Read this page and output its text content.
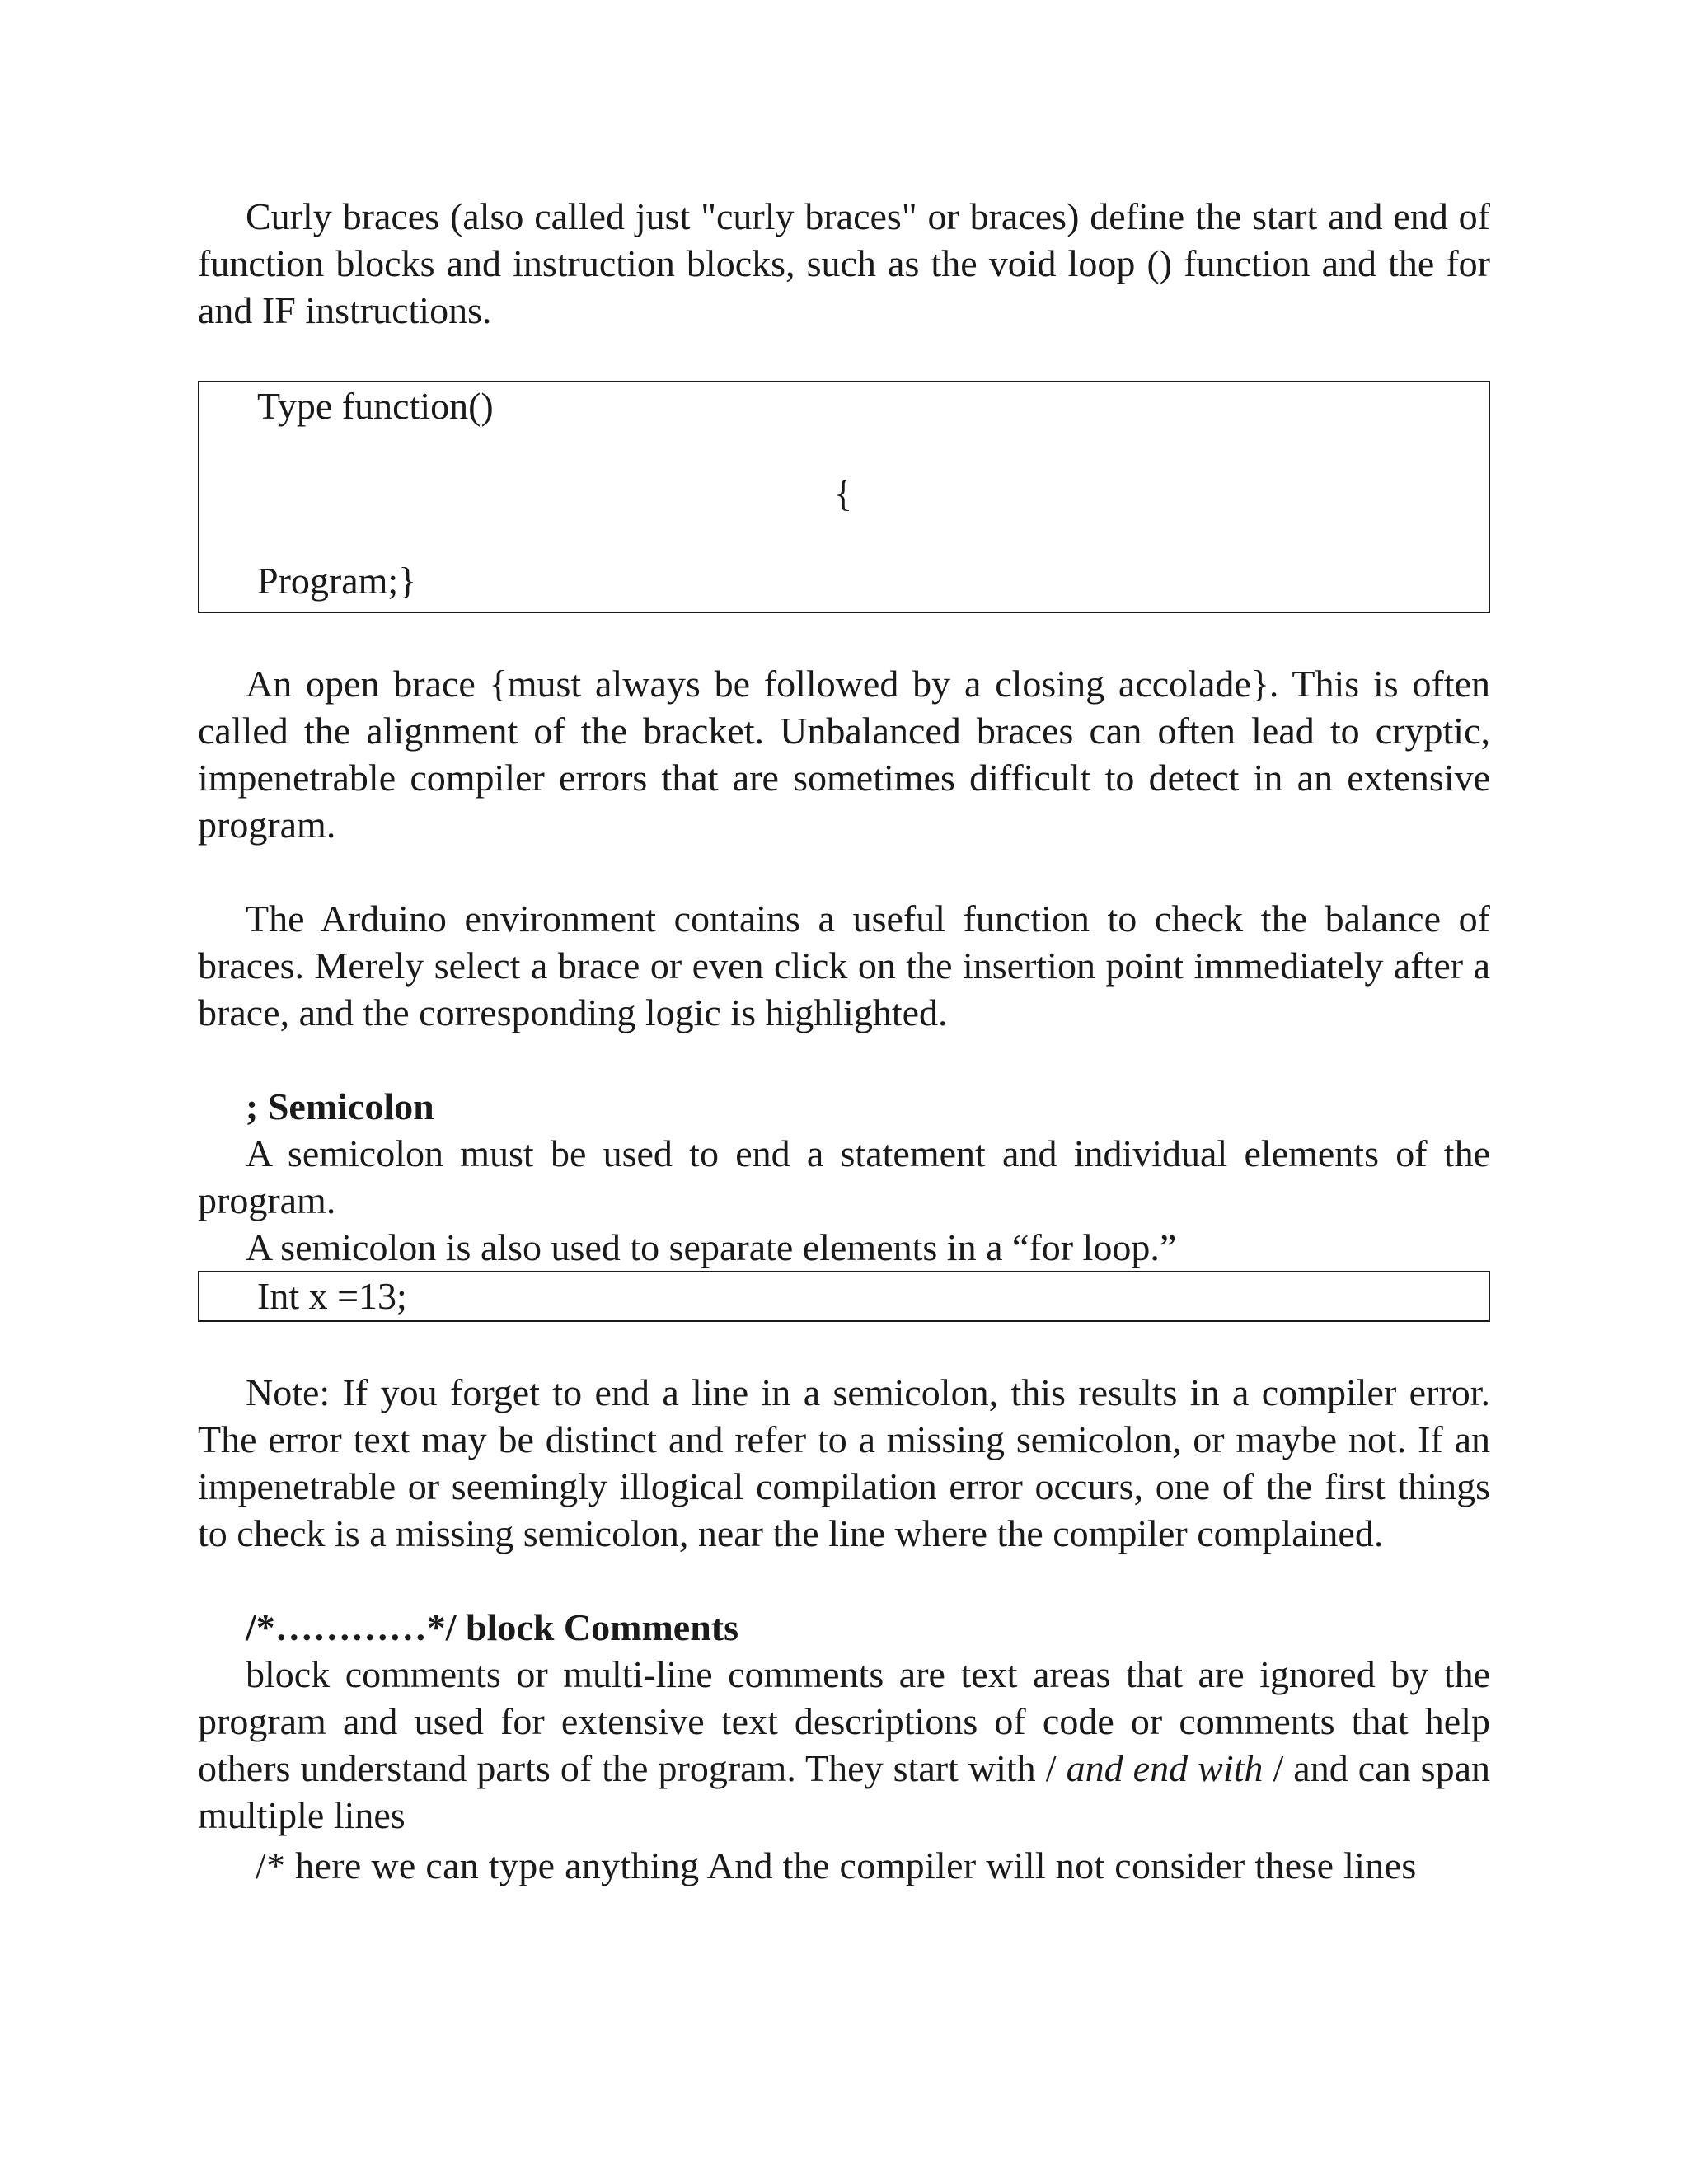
Curly braces (also called just "curly braces" or braces) define the start and end of function blocks and instruction blocks, such as the void loop () function and the for and IF instructions.

Type function()
{
Program;}

An open brace {must always be followed by a closing accolade}. This is often called the alignment of the bracket. Unbalanced braces can often lead to cryptic, impenetrable compiler errors that are sometimes difficult to detect in an extensive program.

The Arduino environment contains a useful function to check the balance of braces. Merely select a brace or even click on the insertion point immediately after a brace, and the corresponding logic is highlighted.

; Semicolon

A semicolon must be used to end a statement and individual elements of the program.

A semicolon is also used to separate elements in a “for loop.”

Int x =13;

Note: If you forget to end a line in a semicolon, this results in a compiler error. The error text may be distinct and refer to a missing semicolon, or maybe not. If an impenetrable or seemingly illogical compilation error occurs, one of the first things to check is a missing semicolon, near the line where the compiler complained.

/*…………*/ block Comments

block comments or multi-line comments are text areas that are ignored by the program and used for extensive text descriptions of code or comments that help others understand parts of the program. They start with / and end with / and can span multiple lines

/* here we can type anything And the compiler will not consider these lines
